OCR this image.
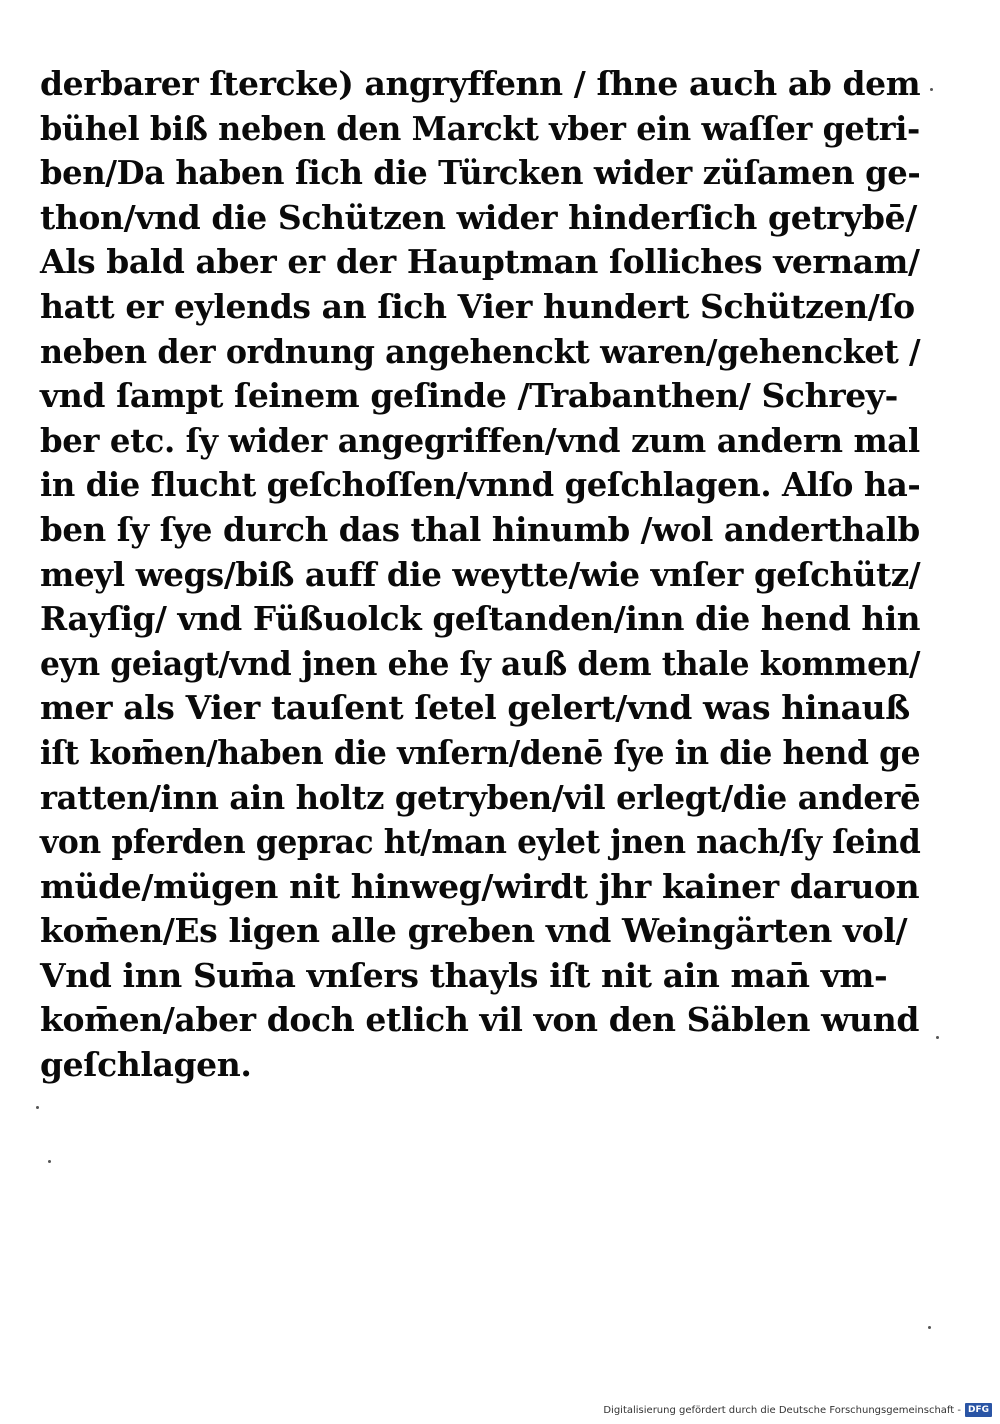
derbarer ſtercke) angryffenn / ſhne auch ab dem
bühel biß neben den Marckt vber ein waſſer getri-
ben/Da haben ſich die Türcken wider züſamen ge-
thon/vnd die Schützen wider hinderſich getrybē/
Als bald aber er der Hauptman ſolliches vernam/
hatt er eylends an ſich Vier hundert Schützen/ſo
neben der ordnung angehenckt waren/gehencket /
vnd ſampt ſeinem geſinde /Trabanthen/ Schrey-
ber etc. ſy wider angegriffen/vnd zum andern mal
in die flucht geſchoſſen/vnnd geſchlagen. Alſo ha-
ben ſy ſye durch das thal hinumb /wol anderthalb
meyl wegs/biß auff die weytte/wie vnſer geſchütz/
Rayſig/ vnd Füßuolck geſtanden/inn die hend hin
eyn geiagt/vnd jnen ehe ſy auß dem thale kommen/
mer als Vier tauſent ſetel gelert/vnd was hinauß
iſt kom̄en/haben die vnſern/denē ſye in die hend ge
ratten/inn ain holtz getryben/vil erlegt/die anderē
von pferden geprac ht/man eylet jnen nach/ſy ſeind
müde/mügen nit hinweg/wirdt jhr kainer daruon
kom̄en/Es ligen alle greben vnd Weingärten vol/
Vnd inn Sum̄a vnſers thayls iſt nit ain man̄ vm-
kom̄en/aber doch etlich vil von den Säblen wund
geſchlagen.
Digitalisierung gefördert durch die Deutsche Forschungsgemeinschaft - DFG
